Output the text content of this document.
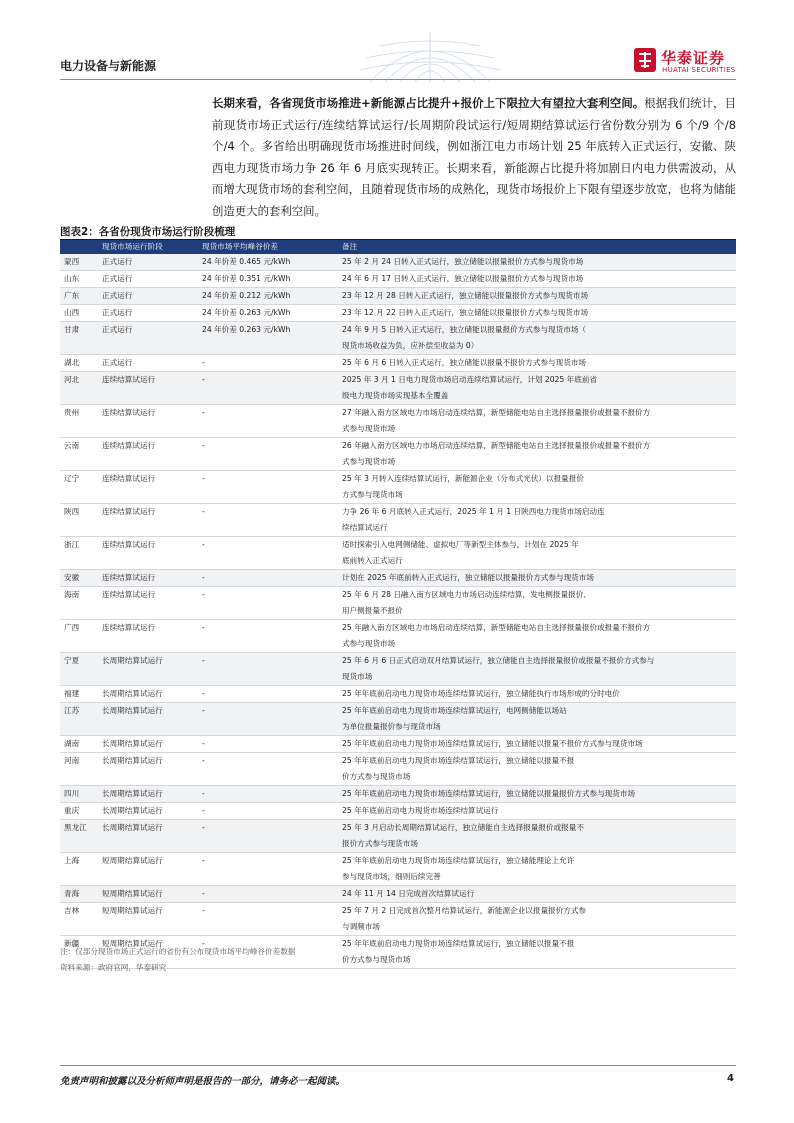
电力设备与新能源	华泰证券
HUATAI SECURITIES
长期来看，各省现货市场推进+新能源占比提升+报价上下限拉大有望拉大套利空间。根据我们统计，目前现货市场正式运行/连续结算试运行/长周期阶段试运行/短周期结算试运行省份数分别为 6 个/9 个/8 个/4 个。多省给出明确现货市场推进时间线，例如浙江电力市场计划 25 年底转入正式运行，安徽、陕西电力现货市场力争 26 年 6 月底实现转正。长期来看，新能源占比提升将加剧日内电力供需波动，从而增大现货市场的套利空间，且随着现货市场的成熟化，现货市场报价上下限有望逐步放宽，也将为储能创造更大的套利空间。
图表2：各省份现货市场运行阶段梳理
	现货市场运行阶段	现货市场平均峰谷价差	备注
蒙西	正式运行	24 年价差 0.465 元/kWh	25 年 2 月 24 日转入正式运行，独立储能以报量报价方式参与现货市场

山东	正式运行	24 年价差 0.351 元/kWh	24 年 6 月 17 日转入正式运行，独立储能以报量报价方式参与现货市场

广东	正式运行	24 年价差 0.212 元/kWh	23 年 12 月 28 日转入正式运行，独立储能以报量报价方式参与现货市场

山西	正式运行	24 年价差 0.263 元/kWh	23 年 12 月 22 日转入正式运行，独立储能以报量报价方式参与现货市场

甘肃	正式运行	24 年价差 0.263 元/kWh	24 年 9 月 5 日转入正式运行，独立储能以报量报价方式参与现货市场（
现货市场收益为负，应补偿至收益为 0）

湖北	正式运行	-	25 年 6 月 6 日转入正式运行，独立储能以报量不报价方式参与现货市场

河北	连续结算试运行	-	2025 年 3 月 1 日电力现货市场启动连续结算试运行，计划 2025 年底前省
级电力现货市场实现基本全覆盖

贵州	连续结算试运行	-	27 年融入南方区域电力市场启动连续结算，新型储能电站自主选择报量报价或报量不报价方
式参与现货市场

云南	连续结算试运行	-	26 年融入南方区域电力市场启动连续结算，新型储能电站自主选择报量报价或报量不报价方
式参与现货市场

辽宁	连续结算试运行	-	25 年 3 月转入连续结算试运行，新能源企业（分布式光伏）以报量报价
方式参与现货市场

陕西	连续结算试运行	-	力争 26 年 6 月底转入正式运行，2025 年 1 月 1 日陕西电力现货市场启动连
续结算试运行

浙江	连续结算试运行	-	适时探索引入电网侧储能、虚拟电厂等新型主体参与，计划在 2025 年
底前转入正式运行

安徽	连续结算试运行	-	计划在 2025 年底前转入正式运行，独立储能以报量报价方式参与现货市场

海南	连续结算试运行	-	25 年 6 月 28 日融入南方区域电力市场启动连续结算，发电侧报量报价、
用户侧报量不报价

广西	连续结算试运行	-	25 年融入南方区域电力市场启动连续结算，新型储能电站自主选择报量报价或报量不报价方
式参与现货市场

宁夏	长周期结算试运行	-	25 年 6 月 6 日正式启动双月结算试运行，独立储能自主选择报量报价或报量不报价方式参与
现货市场

福建	长周期结算试运行	-	25 年年底前启动电力现货市场连续结算试运行，独立储能执行市场形成的分时电价

江苏	长周期结算试运行	-	25 年年底前启动电力现货市场连续结算试运行，电网侧储能以场站
为单位报量报价参与现货市场

湖南	长周期结算试运行	-	25 年年底前启动电力现货市场连续结算试运行，独立储能以报量不报价方式参与现货市场

河南	长周期结算试运行	-	25 年年底前启动电力现货市场连续结算试运行，独立储能以报量不报
价方式参与现货市场

四川	长周期结算试运行	-	25 年年底前启动电力现货市场连续结算试运行，独立储能以报量报价方式参与现货市场

重庆	长周期结算试运行	-	25 年年底前启动电力现货市场连续结算试运行

黑龙江	长周期结算试运行	-	25 年 3 月启动长周期结算试运行，独立储能自主选择报量报价或报量不
报价方式参与现货市场

上海	短周期结算试运行	-	25 年年底前启动电力现货市场连续结算试运行，独立储能理论上允许
参与现货市场，细则后续完善

青海	短周期结算试运行	-	24 年 11 月 14 日完成首次结算试运行

吉林	短周期结算试运行	-	25 年 7 月 2 日完成首次整月结算试运行，新能源企业以报量报价方式参
与调频市场

新疆	短周期结算试运行	-	25 年年底前启动电力现货市场连续结算试运行，独立储能以报量不报
价方式参与现货市场
注：仅部分现货市场正式运行的省份有公布现货市场平均峰谷价差数据
资料来源：政府官网，华泰研究
免责声明和披露以及分析师声明是报告的一部分，请务必一起阅读。	4
